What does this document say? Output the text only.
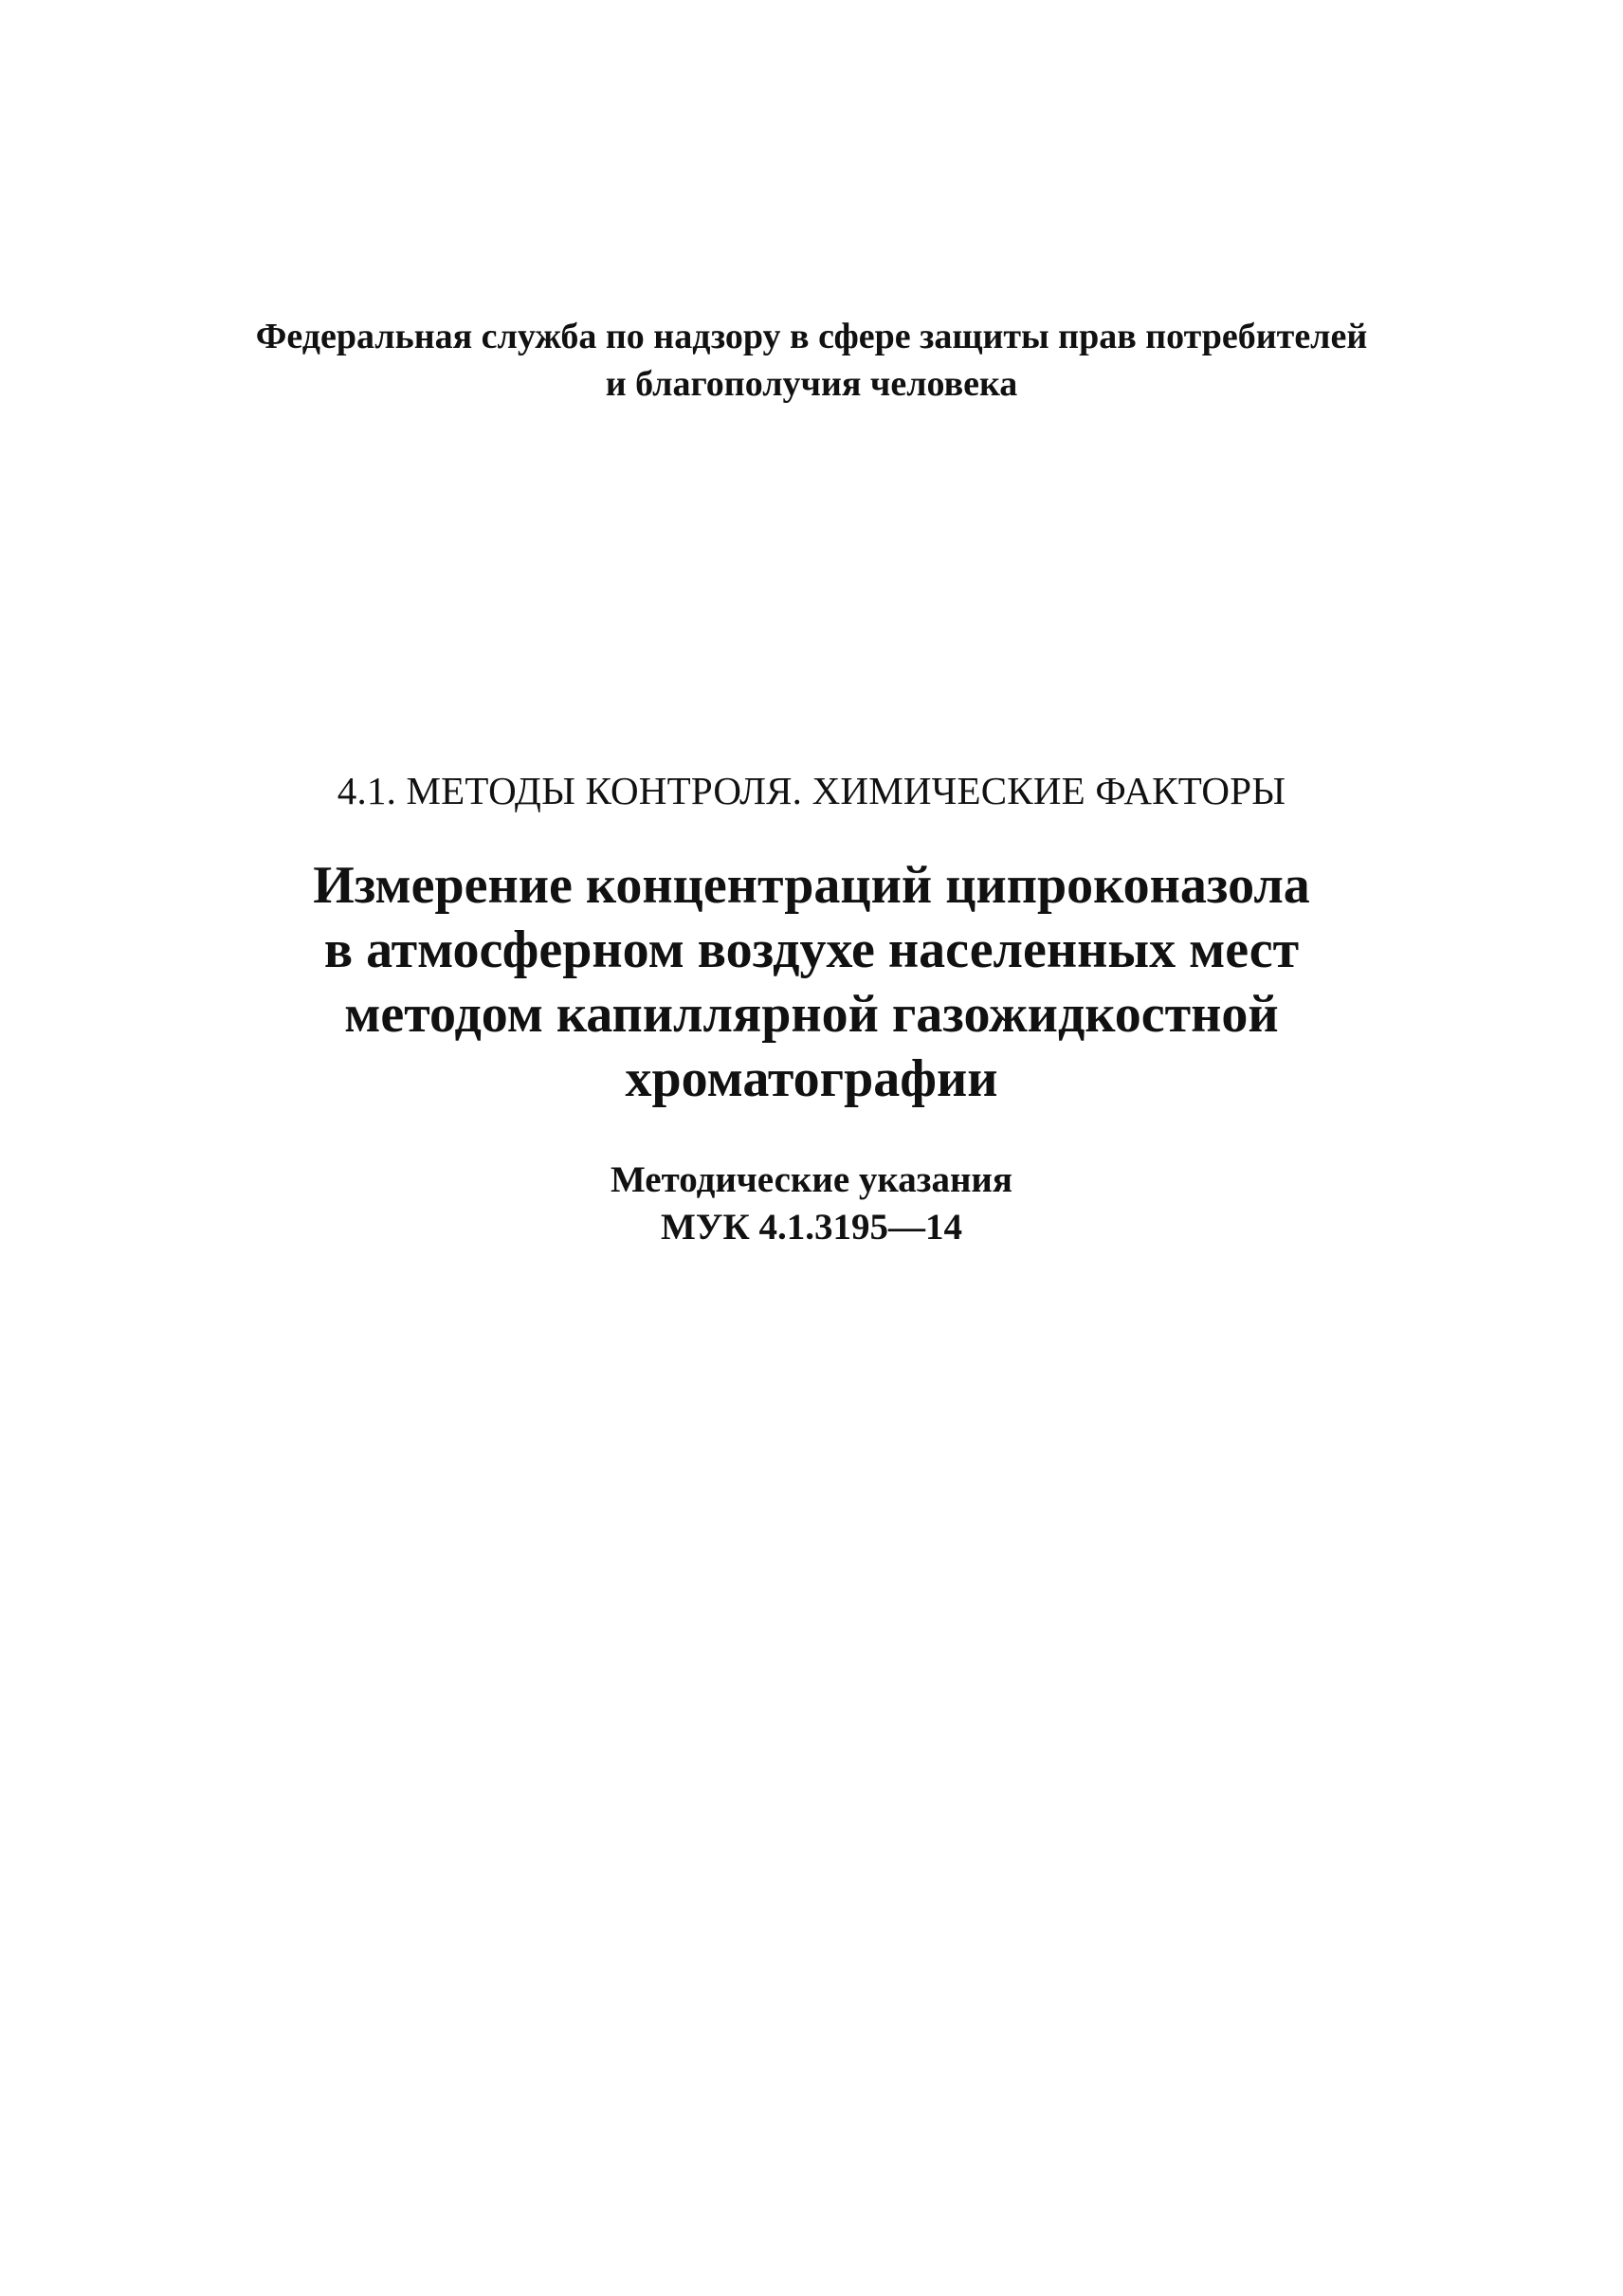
Федеральная служба по надзору в сфере защиты прав потребителей
и благополучия человека
4.1. МЕТОДЫ КОНТРОЛЯ. ХИМИЧЕСКИЕ ФАКТОРЫ
Измерение концентраций ципроконазола
в атмосферном воздухе населенных мест
методом капиллярной газожидкостной
хроматографии
Методические указания
МУК 4.1.3195—14
